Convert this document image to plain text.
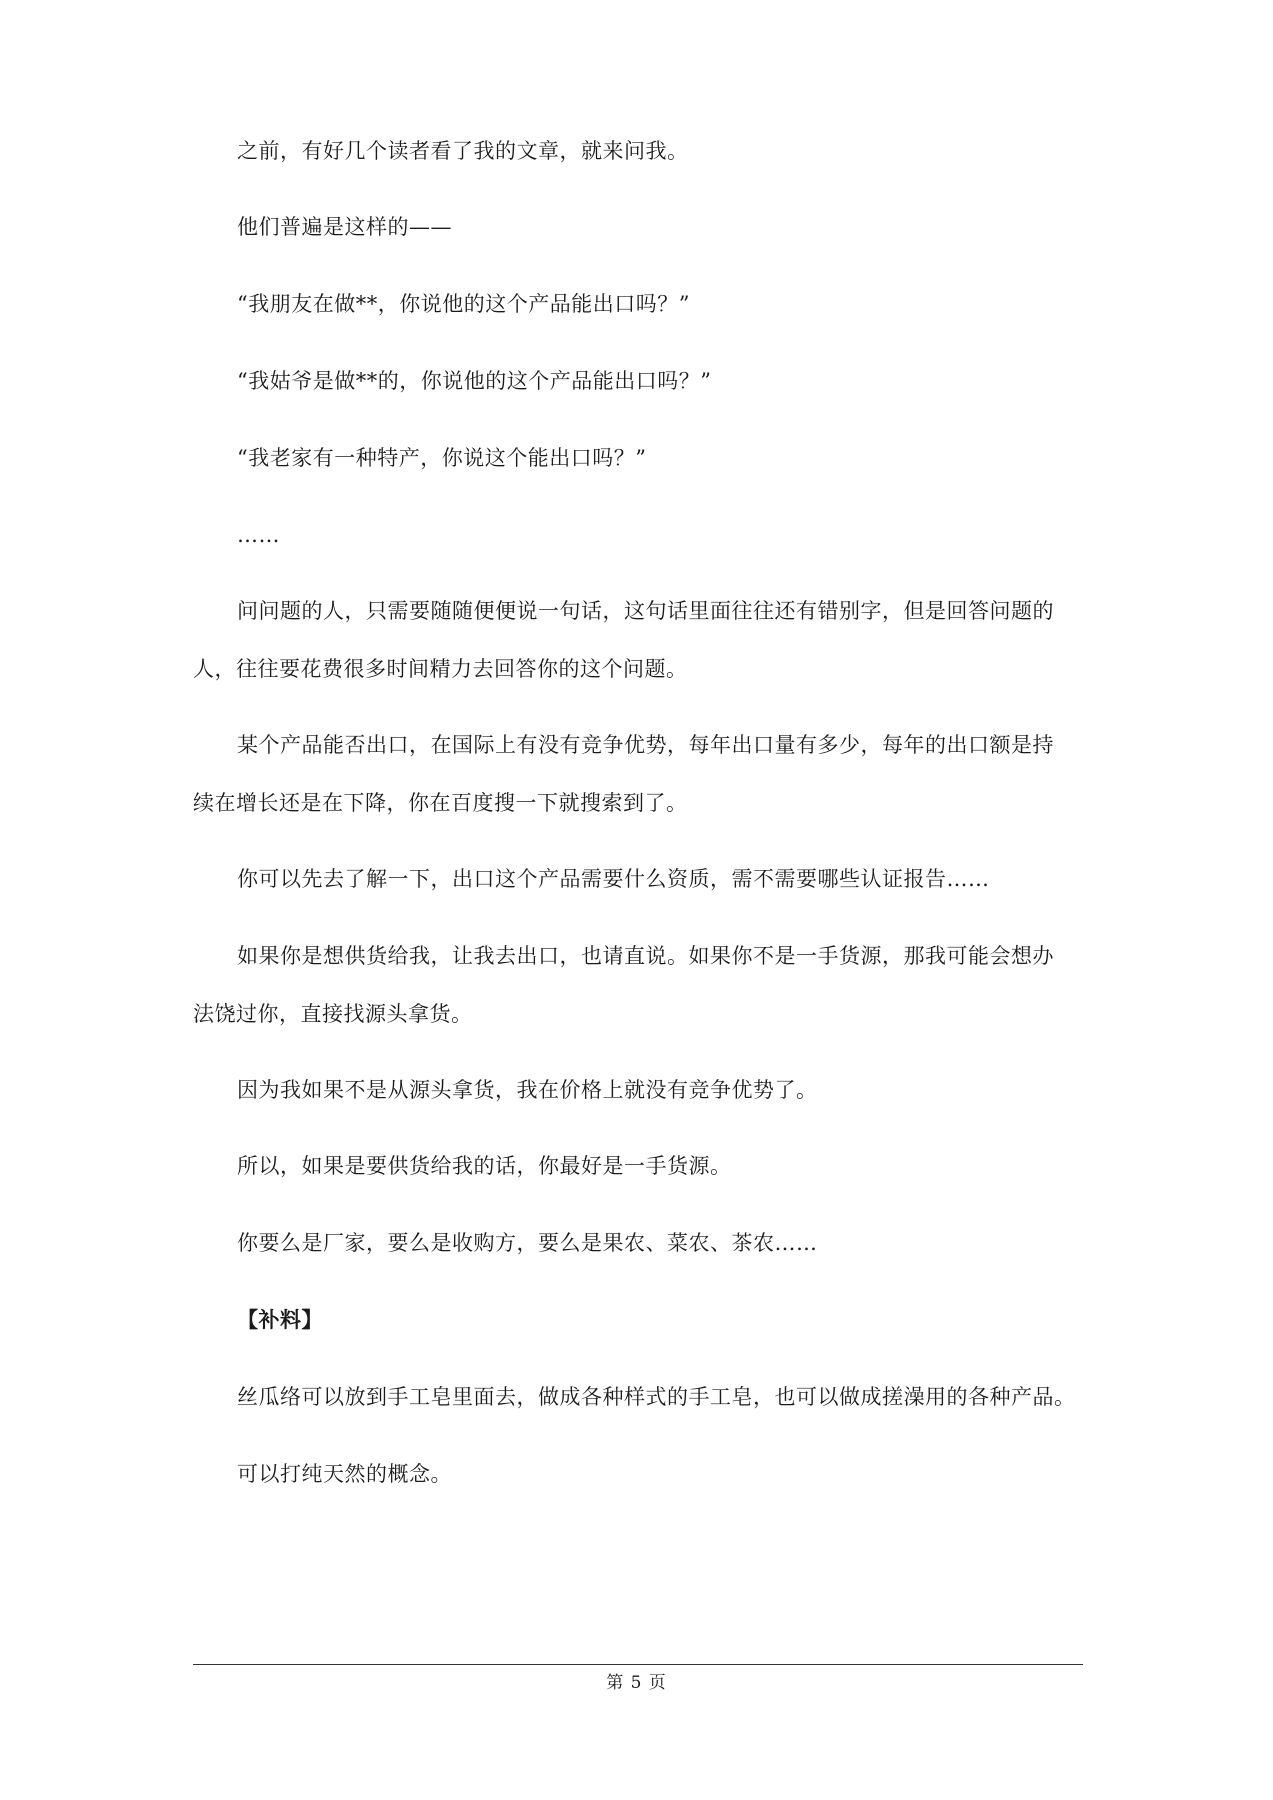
之前，有好几个读者看了我的文章，就来问我。
他们普遍是这样的——
“我朋友在做**，你说他的这个产品能出口吗？”
“我姑爷是做**的，你说他的这个产品能出口吗？”
“我老家有一种特产，你说这个能出口吗？”
……
问问题的人，只需要随随便便说一句话，这句话里面往往还有错别字，但是回答问题的
人，往往要花费很多时间精力去回答你的这个问题。
某个产品能否出口，在国际上有没有竞争优势，每年出口量有多少，每年的出口额是持
续在增长还是在下降，你在百度搜一下就搜索到了。
你可以先去了解一下，出口这个产品需要什么资质，需不需要哪些认证报告……
如果你是想供货给我，让我去出口，也请直说。如果你不是一手货源，那我可能会想办
法饶过你，直接找源头拿货。
因为我如果不是从源头拿货，我在价格上就没有竞争优势了。
所以，如果是要供货给我的话，你最好是一手货源。
你要么是厂家，要么是收购方，要么是果农、菜农、茶农……
【补料】
丝瓜络可以放到手工皂里面去，做成各种样式的手工皂，也可以做成搓澡用的各种产品。
可以打纯天然的概念。
第 5 页
